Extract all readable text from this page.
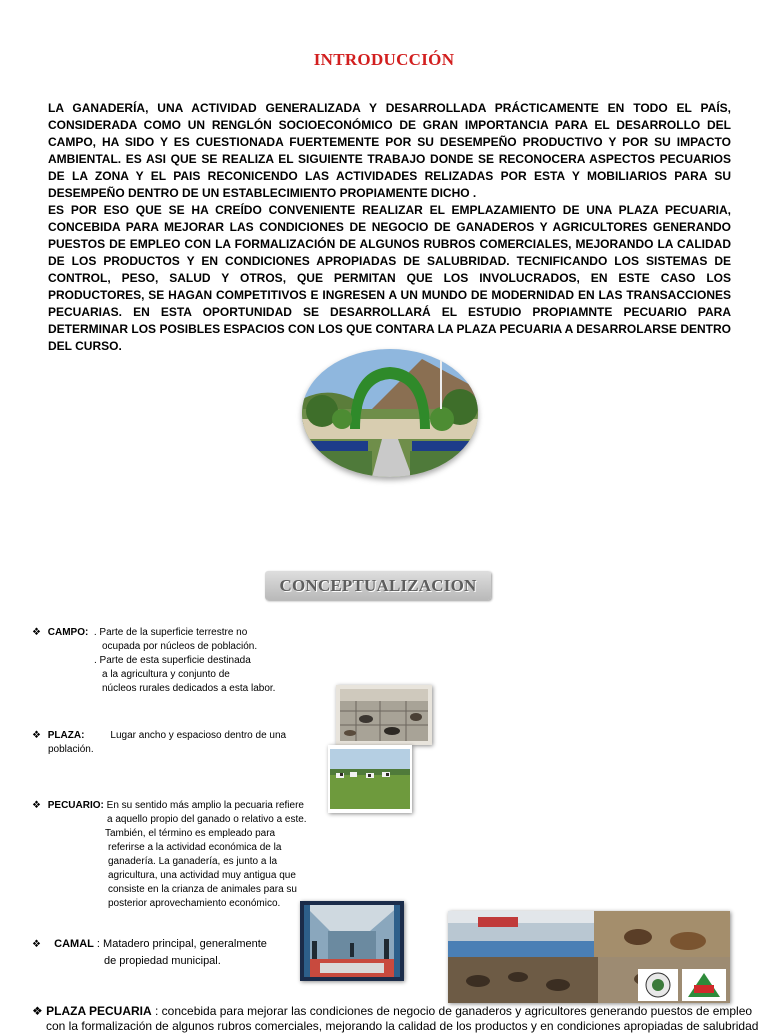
INTRODUCCIÓN

LA GANADERÍA, UNA ACTIVIDAD GENERALIZADA Y DESARROLLADA PRÁCTICAMENTE EN TODO EL PAÍS, CONSIDERADA COMO UN RENGLÓN SOCIOECONÓMICO DE GRAN IMPORTANCIA PARA EL DESARROLLO DEL CAMPO, HA SIDO Y ES CUESTIONADA FUERTEMENTE POR SU DESEMPEÑO PRODUCTIVO Y POR SU IMPACTO AMBIENTAL. ES ASI QUE SE REALIZA EL SIGUIENTE TRABAJO DONDE SE RECONOCERA ASPECTOS PECUARIOS DE LA ZONA Y EL PAIS RECONICENDO LAS ACTIVIDADES RELIZADAS POR ESTA Y MOBILIARIOS PARA SU DESEMPEÑO DENTRO DE UN ESTABLECIMIENTO PROPIAMENTE DICHO .

ES POR ESO QUE SE HA CREÍDO CONVENIENTE REALIZAR EL EMPLAZAMIENTO DE UNA PLAZA PECUARIA, CONCEBIDA PARA MEJORAR LAS CONDICIONES DE NEGOCIO DE GANADEROS Y AGRICULTORES GENERANDO PUESTOS DE EMPLEO CON LA FORMALIZACIÓN DE ALGUNOS RUBROS COMERCIALES, MEJORANDO LA CALIDAD DE LOS PRODUCTOS Y EN CONDICIONES APROPIADAS DE SALUBRIDAD. TECNIFICANDO LOS SISTEMAS DE CONTROL, PESO, SALUD Y OTROS, QUE PERMITAN QUE LOS INVOLUCRADOS, EN ESTE CASO LOS PRODUCTORES, SE HAGAN COMPETITIVOS E INGRESEN A UN MUNDO DE MODERNIDAD EN LAS TRANSACCIONES PECUARIAS. EN ESTA OPORTUNIDAD SE DESARROLLARÁ EL ESTUDIO PROPIAMNTE PECUARIO PARA DETERMINAR LOS POSIBLES ESPACIOS CON LOS QUE CONTARA LA PLAZA PECUARIA A DESARROLARSE DENTRO DEL CURSO.

CONCEPTUALIZACION
❖ CAMPO: . Parte de la superficie terrestre no
ocupada por núcleos de población.
. Parte de esta superficie destinada
a la agricultura y conjunto de
núcleos rurales dedicados a esta labor.
❖ PLAZA:	Lugar ancho y espacioso dentro de una
población.
❖ PECUARIO: En su sentido más amplio la pecuaria refiere
a aquello propio del ganado o relativo a este.
También, el término es empleado para
referirse a la actividad económica de la
ganadería. La ganadería, es junto a la
agricultura, una actividad muy antigua que
consiste en la crianza de animales para su
posterior aprovechamiento económico.
❖ CAMAL : Matadero principal, generalmente
de propiedad municipal.
❖ PLAZA PECUARIA : concebida para mejorar las condiciones de negocio de ganaderos y agricultores generando puestos de empleo
con la formalización de algunos rubros comerciales, mejorando la calidad de los productos y en condiciones apropiadas de salubridad
